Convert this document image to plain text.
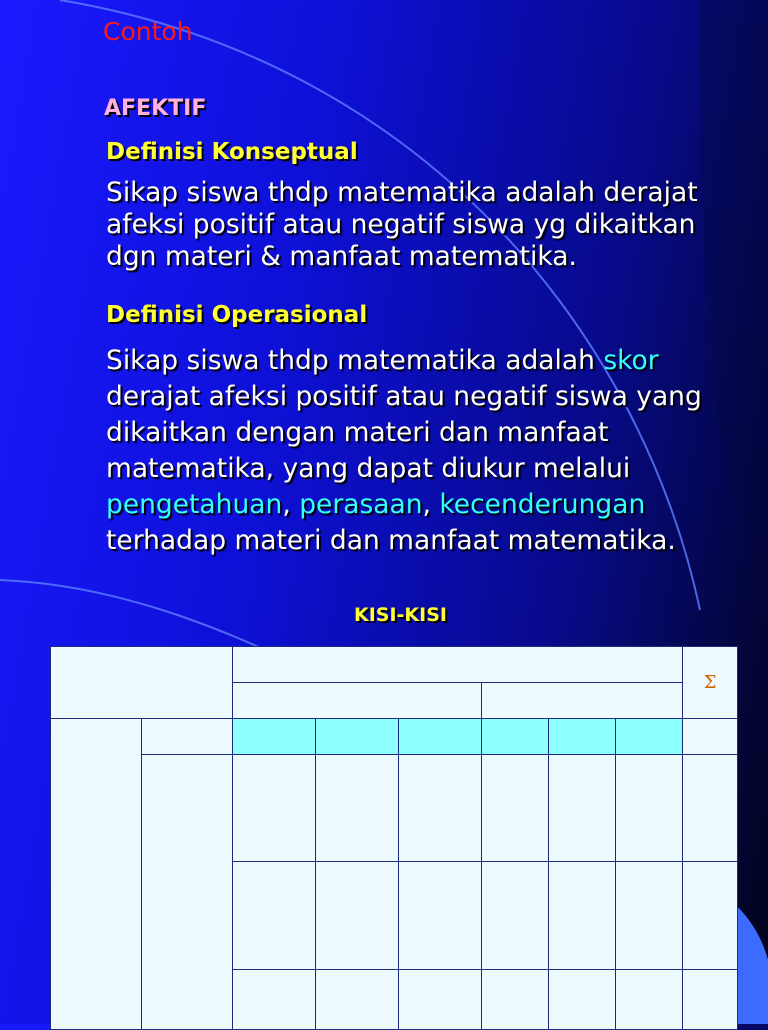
Contoh
AFEKTIF
Definisi Konseptual
Sikap siswa thdp matematika adalah derajat
afeksi positif atau negatif siswa yg dikaitkan
dgn materi & manfaat matematika.
Definisi Operasional
Sikap siswa thdp matematika adalah skor
derajat afeksi positif atau negatif siswa yang
dikaitkan dengan materi dan manfaat
matematika, yang dapat diukur melalui
pengetahuan, perasaan, kecenderungan
terhadap materi dan manfaat matematika.
KISI-KISI
								Σ
